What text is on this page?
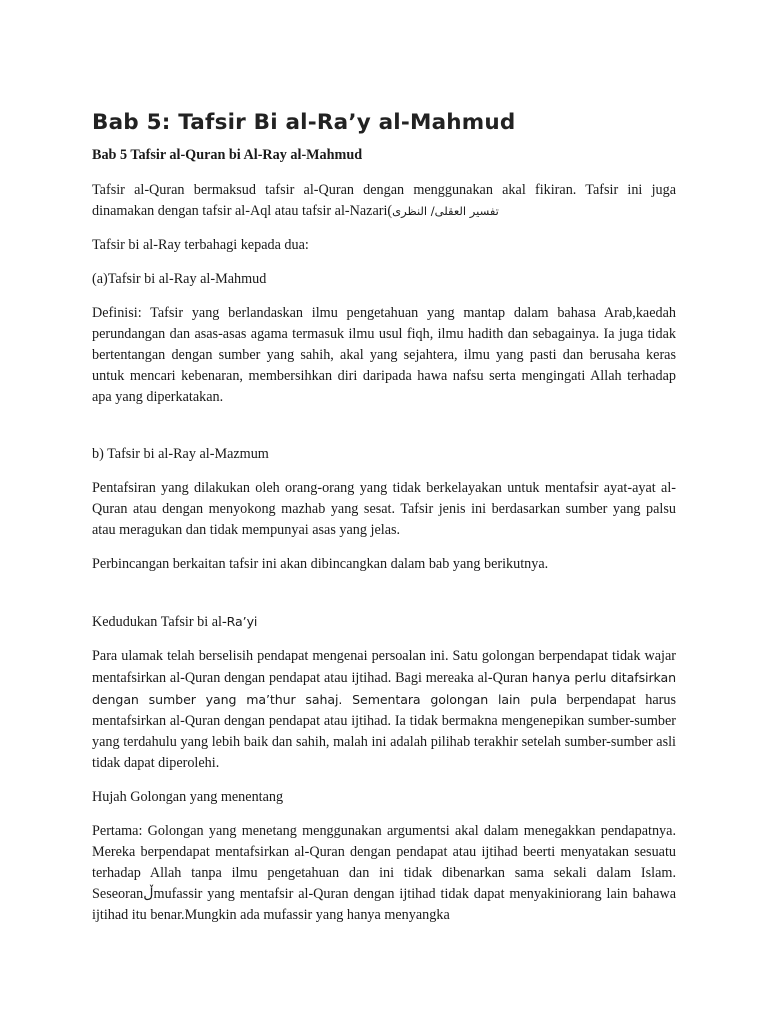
Bab 5: Tafsir Bi al-Ra’y al-Mahmud

Bab 5 Tafsir al-Quran bi Al-Ray al-Mahmud

Tafsir al-Quran bermaksud tafsir al-Quran dengan menggunakan akal fikiran. Tafsir ini juga dinamakan dengan tafsir al-Aql atau tafsir al-Nazari(تفسير العقلى/ النظرى

Tafsir bi al-Ray terbahagi kepada dua:

(a)Tafsir bi al-Ray al-Mahmud

Definisi: Tafsir yang berlandaskan ilmu pengetahuan yang mantap dalam bahasa Arab,kaedah perundangan dan asas-asas agama termasuk ilmu usul fiqh, ilmu hadith dan sebagainya. Ia juga tidak bertentangan dengan sumber yang sahih, akal yang sejahtera, ilmu yang pasti dan berusaha keras untuk mencari kebenaran, membersihkan diri daripada hawa nafsu serta mengingati Allah terhadap apa yang diperkatakan.

b) Tafsir bi al-Ray al-Mazmum

Pentafsiran yang dilakukan oleh orang-orang yang tidak berkelayakan untuk mentafsir ayat-ayat al-Quran atau dengan menyokong mazhab yang sesat. Tafsir jenis ini berdasarkan sumber yang palsu atau meragukan dan tidak mempunyai asas yang jelas.

Perbincangan berkaitan tafsir ini akan dibincangkan dalam bab yang berikutnya.

Kedudukan Tafsir bi al-Ra’yi

Para ulamak telah berselisih pendapat mengenai persoalan ini. Satu golongan berpendapat tidak wajar mentafsirkan al-Quran dengan pendapat atau ijtihad. Bagi mereaka al-Quran hanya perlu ditafsirkan dengan sumber yang ma’thur sahaj. Sementara golongan lain pula berpendapat harus mentafsirkan al-Quran dengan pendapat atau ijtihad. Ia tidak bermakna mengenepikan sumber-sumber yang terdahulu yang lebih baik dan sahih, malah ini adalah pilihab terakhir setelah sumber-sumber asli tidak dapat diperolehi.

Hujah Golongan yang menentang

Pertama: Golongan yang menetang menggunakan argumentsi akal dalam menegakkan pendapatnya. Mereka berpendapat mentafsirkan al-Quran dengan pendapat atau ijtihad beerti menyatakan sesuatu terhadap Allah tanpa ilmu pengetahuan dan ini tidak dibenarkan sama sekali dalam Islam. Seseoranڵmufassir yang mentafsir al-Quran dengan ijtihad tidak dapat menyakiniorang lain bahawa ijtihad itu benar.Mungkin ada mufassir yang hanya menyangka
